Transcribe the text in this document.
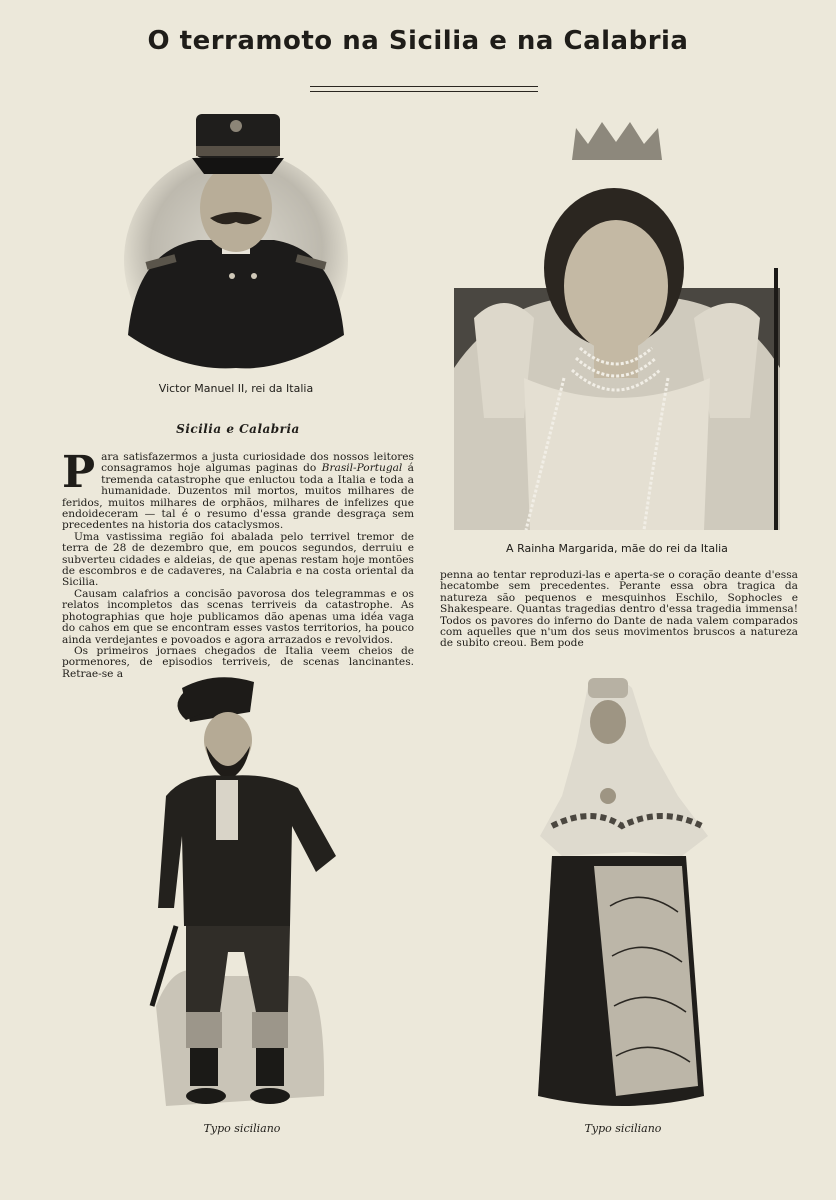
O terramoto na Sicilia e na Calabria
Victor Manuel II, rei da Italia
A Rainha Margarida, mãe do rei da Italia
Sicilia e Calabria

Para satisfazermos a justa curiosidade dos nossos leitores consagramos hoje algumas paginas do Brasil-Portugal á tremenda catastrophe que enluctou toda a Italia e toda a humanidade. Duzentos mil mortos, muitos milhares de feridos, muitos milhares de orphãos, milhares de infelizes que endoideceram — tal é o resumo d'essa grande desgraça sem precedentes na historia dos cataclysmos.

Uma vastissima região foi abalada pelo terrivel tremor de terra de 28 de dezembro que, em poucos segundos, derruiu e subverteu cidades e aldeias, de que apenas restam hoje montões de escombros e de cadaveres, na Calabria e na costa oriental da Sicilia.

Causam calafrios a concisão pavorosa dos telegrammas e os relatos incompletos das scenas terriveis da catastrophe. As photographias que hoje publicamos dão apenas uma idéa vaga do cahos em que se encontram esses vastos territorios, ha pouco ainda verdejantes e povoados e agora arrazados e revolvidos.

Os primeiros jornaes chegados de Italia veem cheios de pormenores, de episodios terriveis, de scenas lancinantes. Retrae-se a

penna ao tentar reproduzi-las e aperta-se o coração deante d'essa hecatombe sem precedentes. Perante essa obra tragica da natureza são pequenos e mesquinhos Eschilo, Sophocles e Shakespeare. Quantas tragedias dentro d'essa tragedia immensa! Todos os pavores do inferno do Dante de nada valem comparados com aquelles que n'um dos seus movimentos bruscos a natureza de subito creou. Bem pode

Typo siciliano	Typo siciliano
